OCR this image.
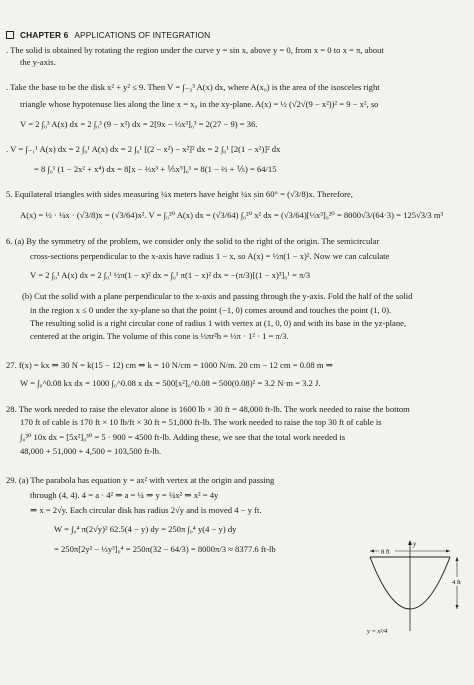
CHAPTER 6 APPLICATIONS OF INTEGRATION
. The solid is obtained by rotating the region under the curve y = sin x, above y = 0, from x = 0 to x = π, about
the y-axis.
. Take the base to be the disk x² + y² ≤ 9. Then V = ∫₋₃³ A(x) dx, where A(x₀) is the area of the isosceles right
triangle whose hypotenuse lies along the line x = x₀ in the xy-plane. A(x) = ½ (√2√(9 − x²))² = 9 − x², so
V = 2 ∫₀³ A(x) dx = 2 ∫₀³ (9 − x²) dx = 2[9x − ⅓x³]₀³ = 2(27 − 9) = 36.
. V = ∫₋₁¹ A(x) dx = 2 ∫₀¹ A(x) dx = 2 ∫₀¹ [(2 − x²) − x²]² dx = 2 ∫₀¹ [2(1 − x²)]² dx
= 8 ∫₀¹ (1 − 2x² + x⁴) dx = 8[x − ⅔x³ + ⅕x⁵]₀¹ = 8(1 − ⅔ + ⅕) = 64/15
5. Equilateral triangles with sides measuring ¼x meters have height ¼x sin 60° = (√3/8)x. Therefore,
A(x) = ½ · ¼x · (√3/8)x = (√3/64)x². V = ∫₀²⁰ A(x) dx = (√3/64) ∫₀²⁰ x² dx = (√3/64)[⅓x³]₀²⁰ = 8000√3/(64·3) = 125√3/3 m³
6. (a) By the symmetry of the problem, we consider only the solid to the right of the origin. The semicircular
cross-sections perpendicular to the x-axis have radius 1 − x, so A(x) = ½π(1 − x)². Now we can calculate
V = 2 ∫₀¹ A(x) dx = 2 ∫₀¹ ½π(1 − x)² dx = ∫₀¹ π(1 − x)² dx = −(π/3)[(1 − x)³]₀¹ = π/3
(b) Cut the solid with a plane perpendicular to the x-axis and passing through the y-axis. Fold the half of the solid
in the region x ≤ 0 under the xy-plane so that the point (−1, 0) comes around and touches the point (1, 0).
The resulting solid is a right circular cone of radius 1 with vertex at (1, 0, 0) and with its base in the yz-plane,
centered at the origin. The volume of this cone is ⅓πr²h = ⅓π · 1² · 1 = π/3.
27. f(x) = kx ⇒ 30 N = k(15 − 12) cm ⇒ k = 10 N/cm = 1000 N/m. 20 cm − 12 cm = 0.08 m ⇒
W = ∫₀^0.08 kx dx = 1000 ∫₀^0.08 x dx = 500[x²]₀^0.08 = 500(0.08)² = 3.2 N·m = 3.2 J.
28. The work needed to raise the elevator alone is 1600 lb × 30 ft = 48,000 ft-lb. The work needed to raise the bottom
170 ft of cable is 170 ft × 10 lb/ft × 30 ft = 51,000 ft-lb. The work needed to raise the top 30 ft of cable is
∫₀³⁰ 10x dx = [5x²]₀³⁰ = 5 · 900 = 4500 ft-lb. Adding these, we see that the total work needed is
48,000 + 51,000 + 4,500 = 103,500 ft-lb.
29. (a) The parabola has equation y = ax² with vertex at the origin and passing
through (4, 4). 4 = a · 4² ⇒ a = ¼ ⇒ y = ¼x² ⇒ x² = 4y
⇒ x = 2√y. Each circular disk has radius 2√y and is moved 4 − y ft.
W = ∫₀⁴ π(2√y)² 62.5(4 − y) dy = 250π ∫₀⁴ y(4 − y) dy
= 250π[2y² − ⅓y³]₀⁴ = 250π(32 − 64/3) = 8000π/3 ≈ 8377.6 ft-lb	y
8 ft
4 ft
y = x²/4
